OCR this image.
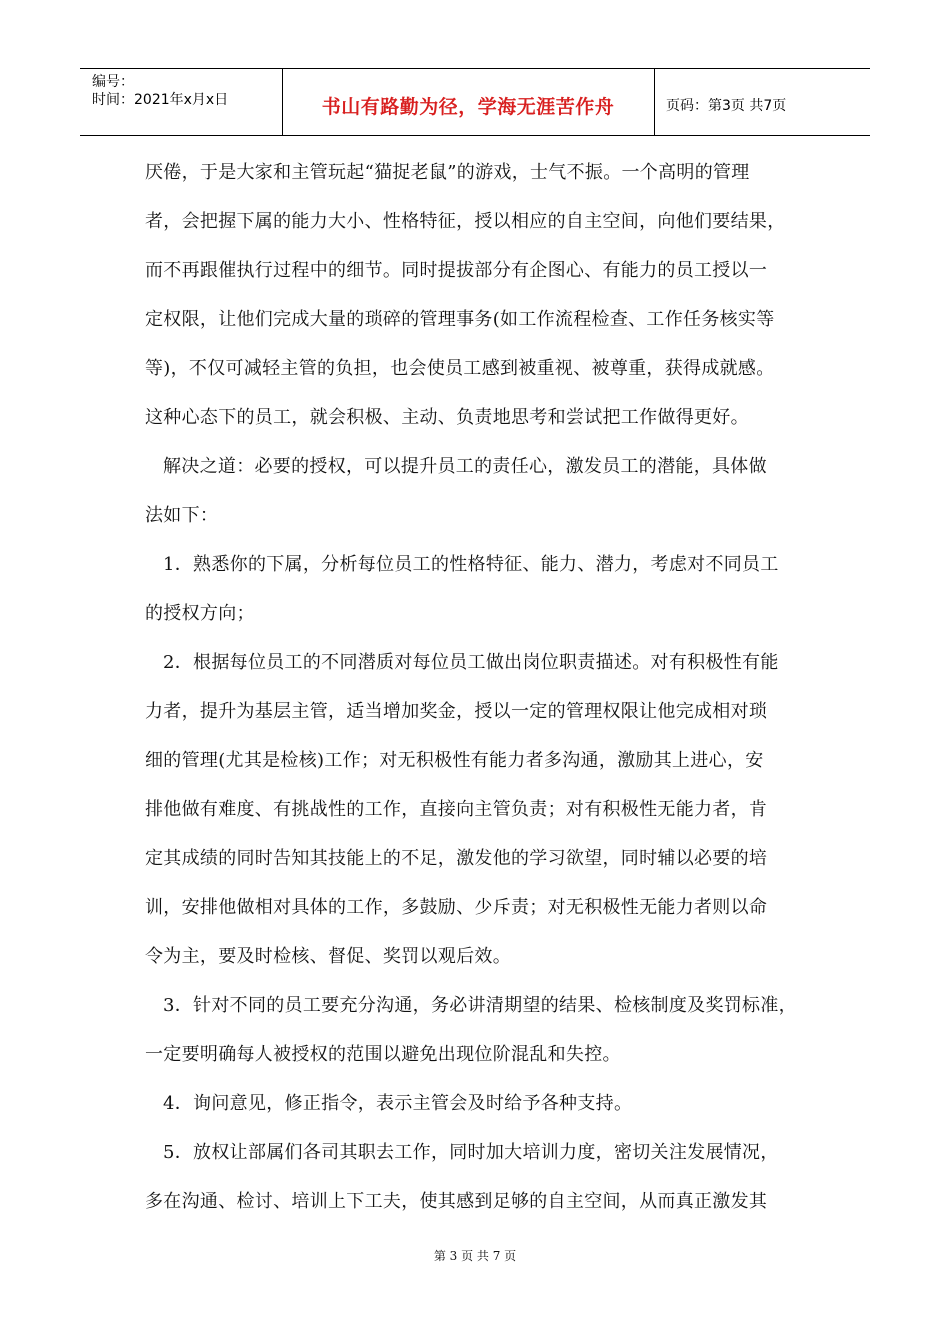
编号：
时间：2021年x月x日	书山有路勤为径，学海无涯苦作舟	页码：第3页 共7页
厌倦，于是大家和主管玩起“猫捉老鼠”的游戏，士气不振。一个高明的管理
者，会把握下属的能力大小、性格特征，授以相应的自主空间，向他们要结果，
而不再跟催执行过程中的细节。同时提拔部分有企图心、有能力的员工授以一
定权限，让他们完成大量的琐碎的管理事务(如工作流程检查、工作任务核实等
等)，不仅可减轻主管的负担，也会使员工感到被重视、被尊重，获得成就感。
这种心态下的员工，就会积极、主动、负责地思考和尝试把工作做得更好。
解决之道：必要的授权，可以提升员工的责任心，激发员工的潜能，具体做
法如下：
1．熟悉你的下属，分析每位员工的性格特征、能力、潜力，考虑对不同员工
的授权方向；
2．根据每位员工的不同潜质对每位员工做出岗位职责描述。对有积极性有能
力者，提升为基层主管，适当增加奖金，授以一定的管理权限让他完成相对琐
细的管理(尤其是检核)工作；对无积极性有能力者多沟通，激励其上进心，安
排他做有难度、有挑战性的工作，直接向主管负责；对有积极性无能力者，肯
定其成绩的同时告知其技能上的不足，激发他的学习欲望，同时辅以必要的培
训，安排他做相对具体的工作，多鼓励、少斥责；对无积极性无能力者则以命
令为主，要及时检核、督促、奖罚以观后效。
3．针对不同的员工要充分沟通，务必讲清期望的结果、检核制度及奖罚标准，
一定要明确每人被授权的范围以避免出现位阶混乱和失控。
4．询问意见，修正指令，表示主管会及时给予各种支持。
5．放权让部属们各司其职去工作，同时加大培训力度，密切关注发展情况，
多在沟通、检讨、培训上下工夫，使其感到足够的自主空间，从而真正激发其
第 3 页 共 7 页
